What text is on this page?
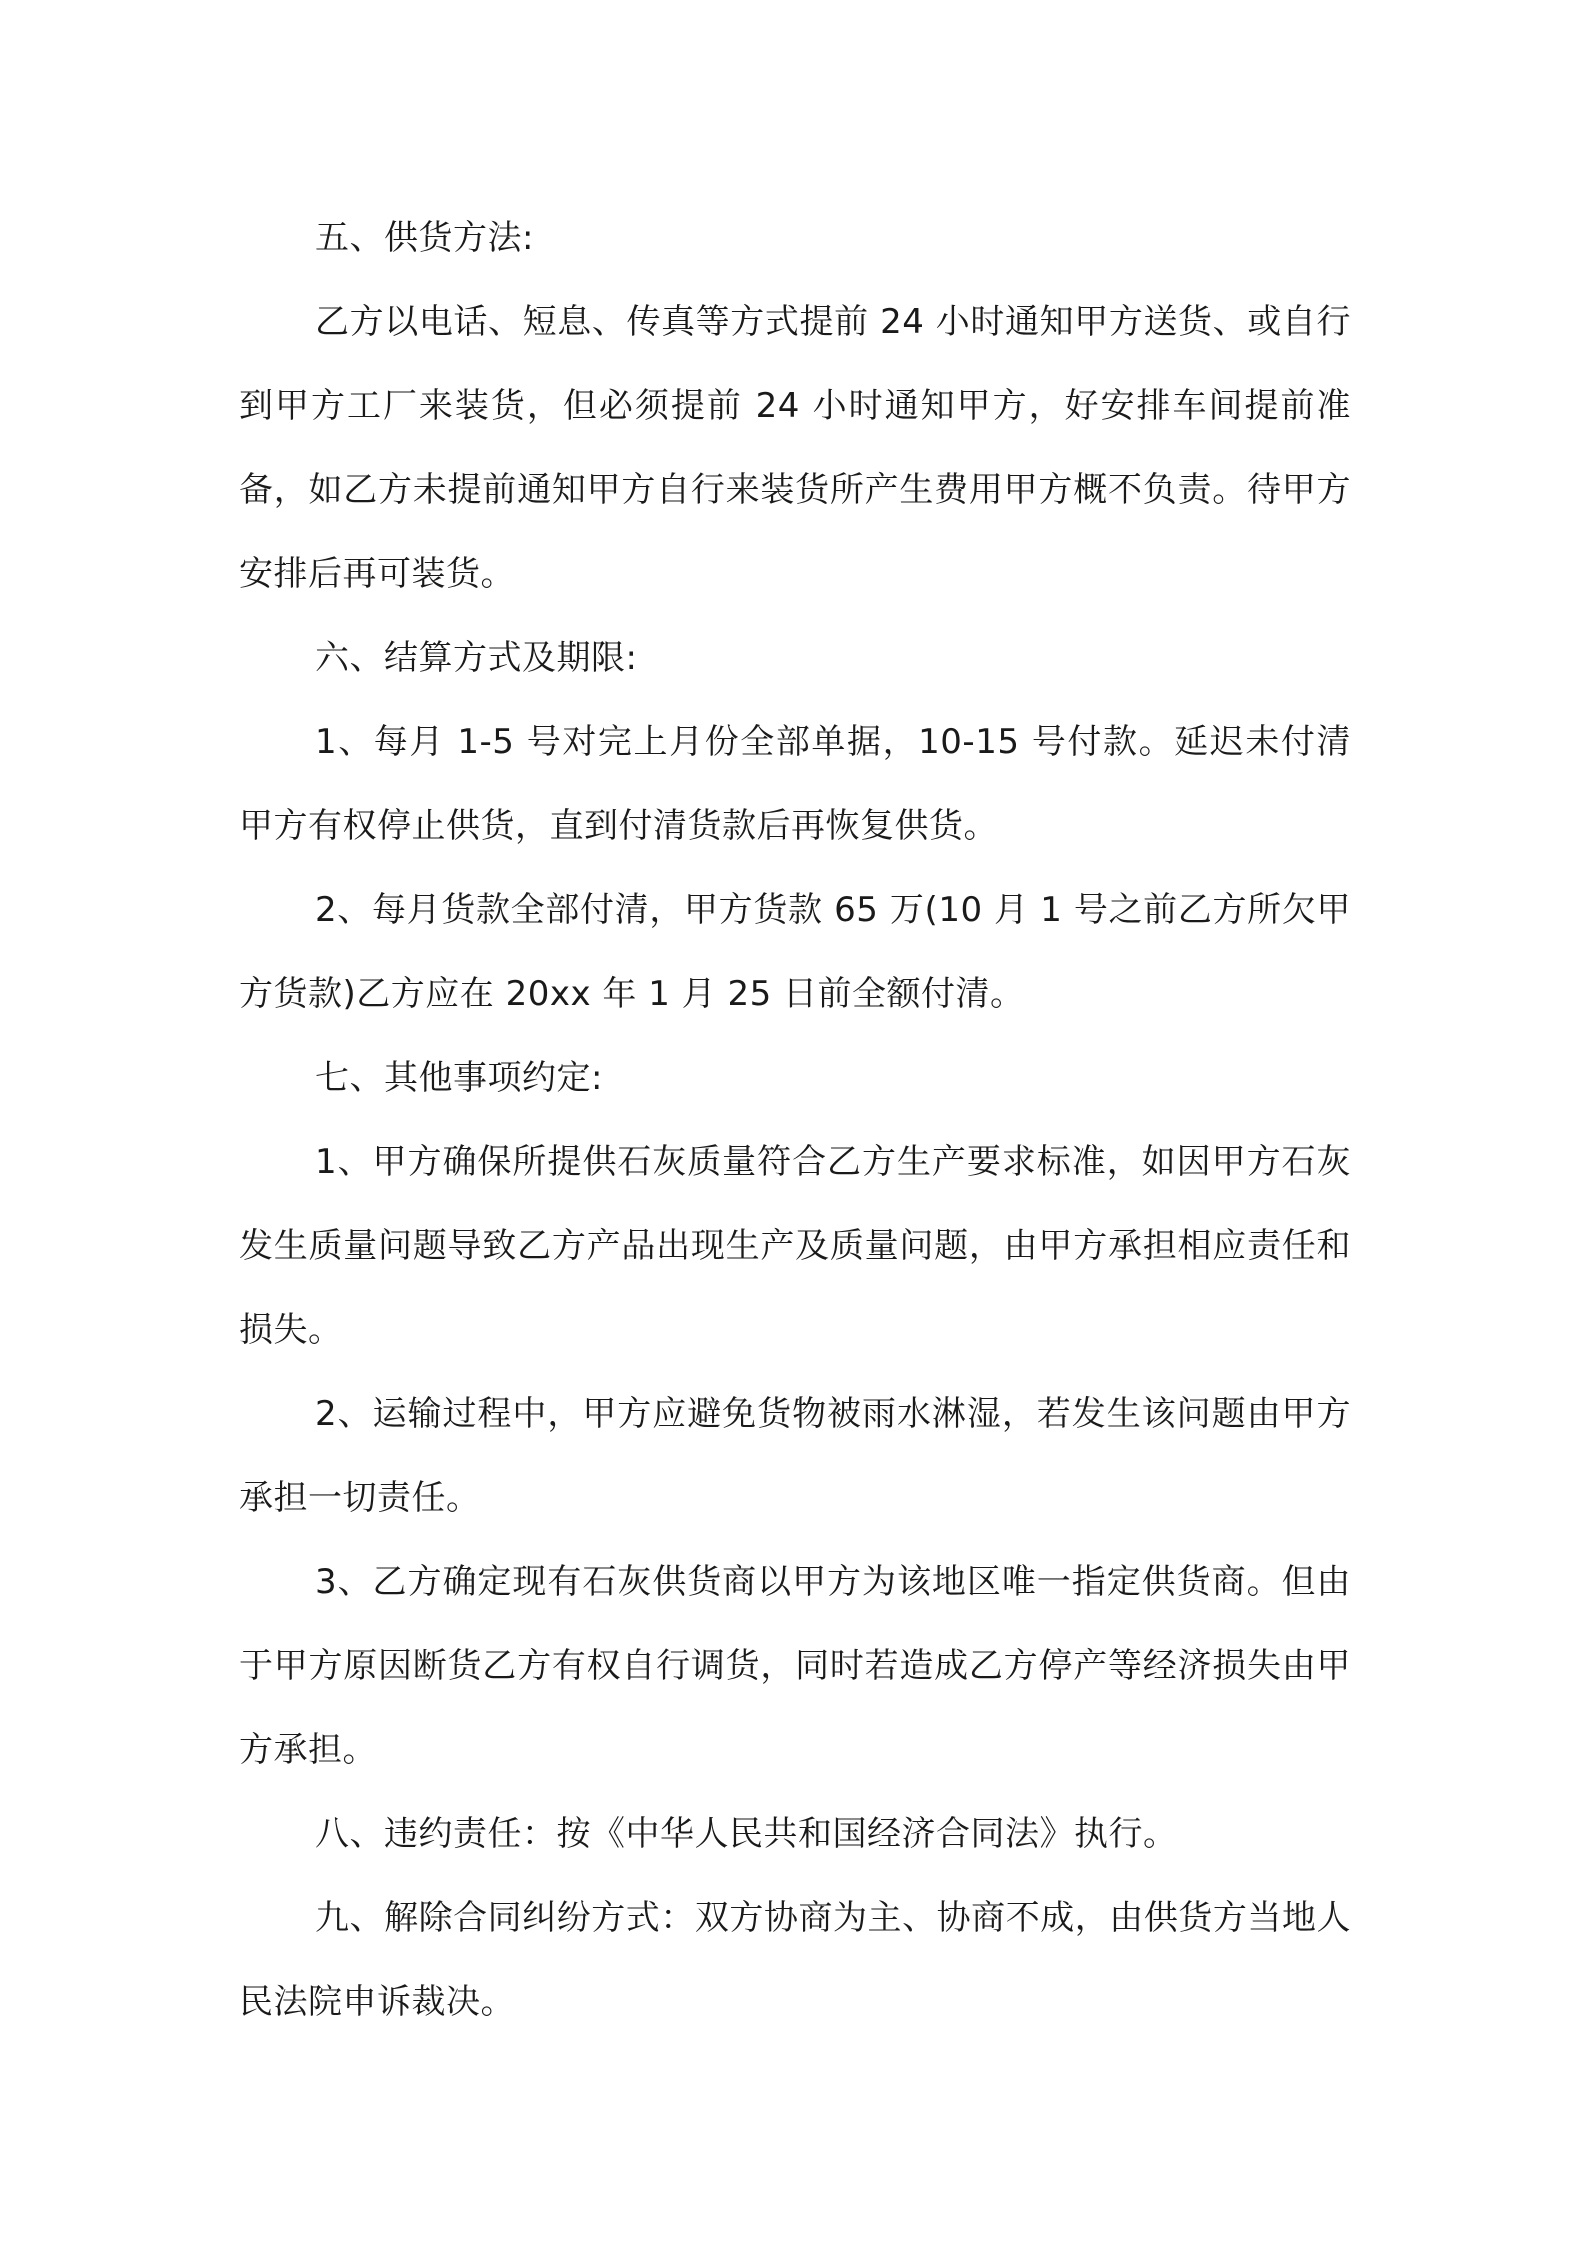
五、供货方法:

乙方以电话、短息、传真等方式提前 24 小时通知甲方送货、或自行到甲方工厂来装货，但必须提前 24 小时通知甲方，好安排车间提前准备，如乙方未提前通知甲方自行来装货所产生费用甲方概不负责。待甲方安排后再可装货。

六、结算方式及期限:

1、每月 1-5 号对完上月份全部单据，10-15 号付款。延迟未付清甲方有权停止供货，直到付清货款后再恢复供货。

2、每月货款全部付清，甲方货款 65 万(10 月 1 号之前乙方所欠甲方货款)乙方应在 20xx 年 1 月 25 日前全额付清。

七、其他事项约定:

1、甲方确保所提供石灰质量符合乙方生产要求标准，如因甲方石灰发生质量问题导致乙方产品出现生产及质量问题，由甲方承担相应责任和损失。

2、运输过程中，甲方应避免货物被雨水淋湿，若发生该问题由甲方承担一切责任。

3、乙方确定现有石灰供货商以甲方为该地区唯一指定供货商。但由于甲方原因断货乙方有权自行调货，同时若造成乙方停产等经济损失由甲方承担。

八、违约责任：按《中华人民共和国经济合同法》执行。

九、解除合同纠纷方式：双方协商为主、协商不成，由供货方当地人民法院申诉裁决。
